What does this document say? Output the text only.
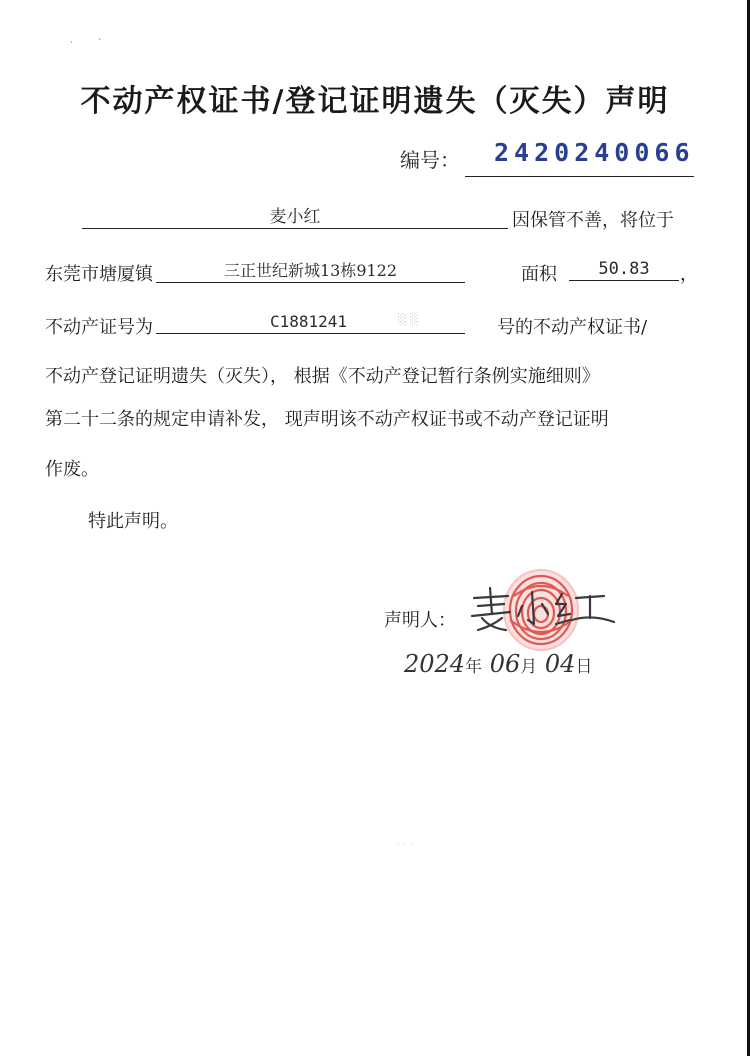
·          ˋ
不动产权证书/登记证明遗失（灭失）声明
编号： 2420240066
麦小红	因保管不善，将位于
东莞市塘厦镇	三正世纪新城13栋9122	面积	50.83	，
不动产证号为	C1881241	░ ░	号的不动产权证书/
不动产登记证明遗失（灭失）， 根据《不动产登记暂行条例实施细则》
第二十二条的规定申请补发， 现声明该不动产权证书或不动产登记证明
作废。
特此声明。
声明人：
2024年 06月 04日
· · ·
